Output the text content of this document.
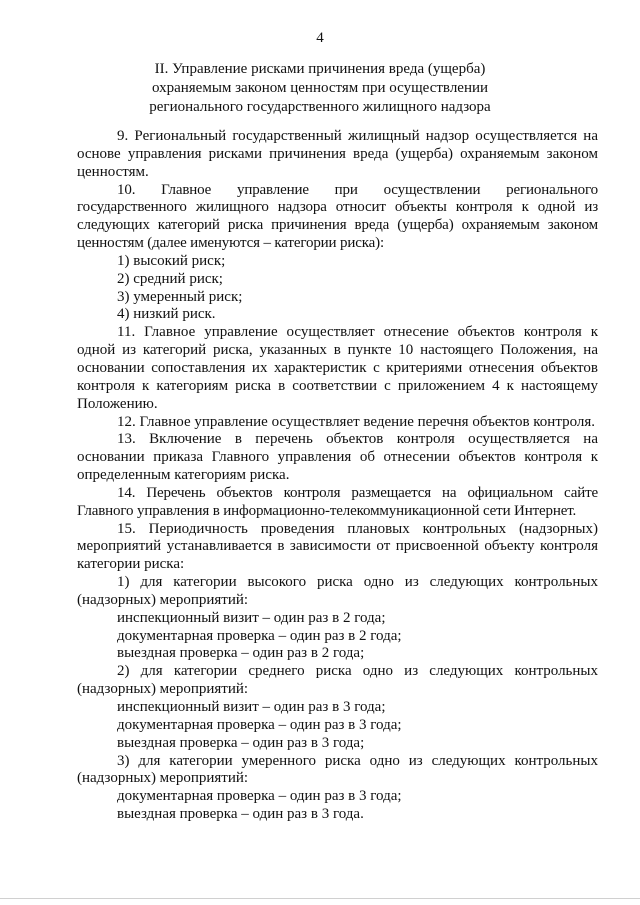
4
II. Управление рисками причинения вреда (ущерба)
охраняемым законом ценностям при осуществлении
регионального государственного жилищного надзора

9. Региональный государственный жилищный надзор осуществляется на основе управления рисками причинения вреда (ущерба) охраняемым законом ценностям.

10. Главное управление при осуществлении регионального государственного жилищного надзора относит объекты контроля к одной из следующих категорий риска причинения вреда (ущерба) охраняемым законом ценностям (далее именуются – категории риска):

1) высокий риск;

2) средний риск;

3) умеренный риск;

4) низкий риск.

11. Главное управление осуществляет отнесение объектов контроля к одной из категорий риска, указанных в пункте 10 настоящего Положения, на основании сопоставления их характеристик с критериями отнесения объектов контроля к категориям риска в соответствии с приложением 4 к настоящему Положению.

12. Главное управление осуществляет ведение перечня объектов контроля.

13. Включение в перечень объектов контроля осуществляется на основании приказа Главного управления об отнесении объектов контроля к определенным категориям риска.

14. Перечень объектов контроля размещается на официальном сайте Главного управления в информационно-телекоммуникационной сети Интернет.

15. Периодичность проведения плановых контрольных (надзорных) мероприятий устанавливается в зависимости от присвоенной объекту контроля категории риска:

1) для категории высокого риска одно из следующих контрольных (надзорных) мероприятий:

инспекционный визит – один раз в 2 года;

документарная проверка – один раз в 2 года;

выездная проверка – один раз в 2 года;

2) для категории среднего риска одно из следующих контрольных (надзорных) мероприятий:

инспекционный визит – один раз в 3 года;

документарная проверка – один раз в 3 года;

выездная проверка – один раз в 3 года;

3) для категории умеренного риска одно из следующих контрольных (надзорных) мероприятий:

документарная проверка – один раз в 3 года;

выездная проверка – один раз в 3 года.
